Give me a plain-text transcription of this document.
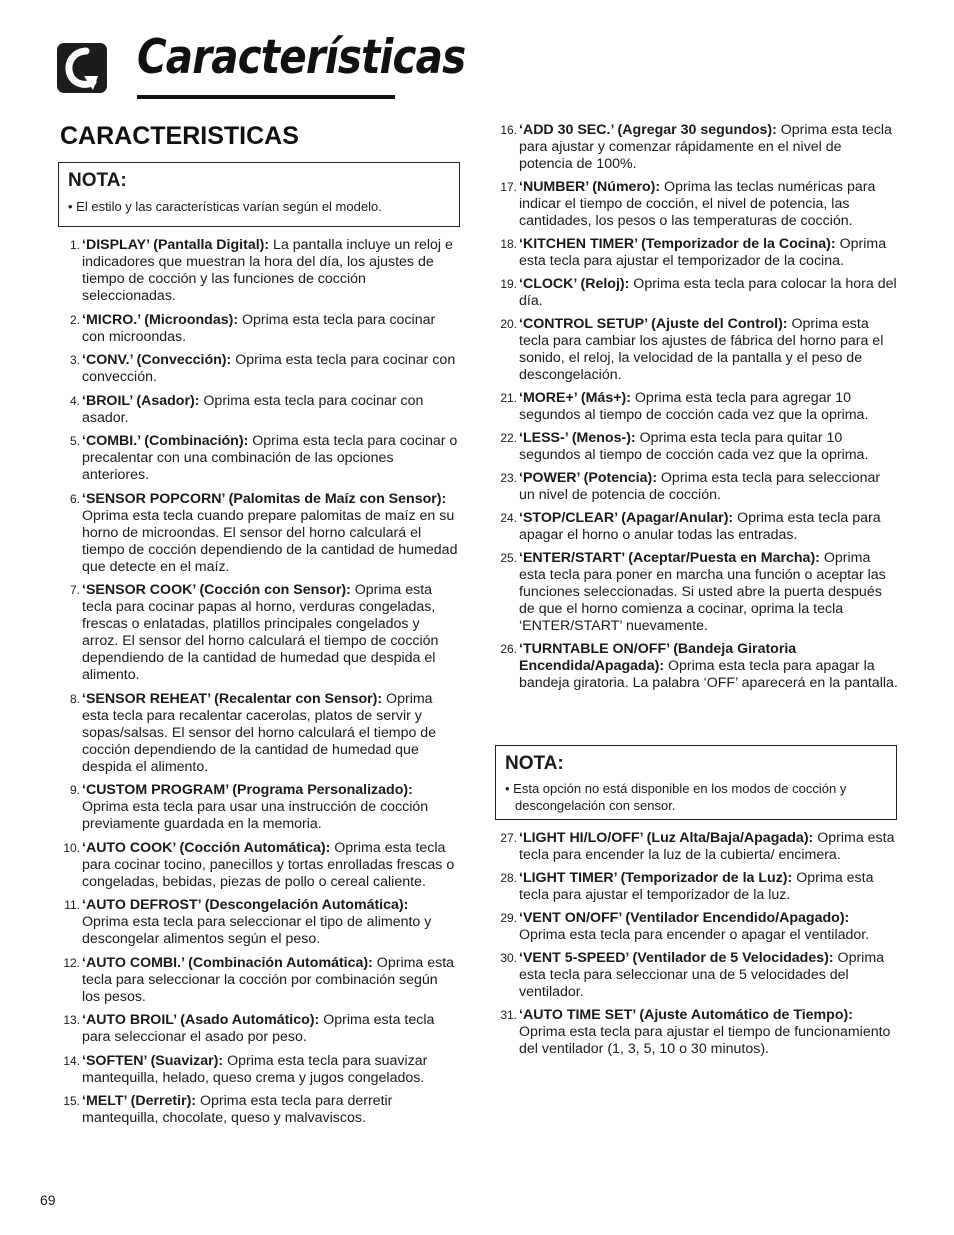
Características
CARACTERISTICAS
NOTA:
• El estilo y las características varían según el modelo.
1. ‘DISPLAY’ (Pantalla Digital): La pantalla incluye un reloj e indicadores que muestran la hora del día, los ajustes de tiempo de cocción y las funciones de cocción seleccionadas.
2. ‘MICRO.’ (Microondas): Oprima esta tecla para cocinar con microondas.
3. ‘CONV.’ (Convección): Oprima esta tecla para cocinar con convección.
4. ‘BROIL’ (Asador): Oprima esta tecla para cocinar con asador.
5. ‘COMBI.’ (Combinación): Oprima esta tecla para cocinar o precalentar con una combinación de las opciones anteriores.
6. ‘SENSOR POPCORN’ (Palomitas de Maíz con Sensor): Oprima esta tecla cuando prepare palomitas de maíz en su horno de microondas. El sensor del horno calculará el tiempo de cocción dependiendo de la cantidad de humedad que detecte en el maíz.
7. ‘SENSOR COOK’ (Cocción con Sensor): Oprima esta tecla para cocinar papas al horno, verduras congeladas, frescas o enlatadas, platillos principales congelados y arroz. El sensor del horno calculará el tiempo de cocción dependiendo de la cantidad de humedad que despida el alimento.
8. ‘SENSOR REHEAT’ (Recalentar con Sensor): Oprima esta tecla para recalentar cacerolas, platos de servir y sopas/salsas. El sensor del horno calculará el tiempo de cocción dependiendo de la cantidad de humedad que despida el alimento.
9. ‘CUSTOM PROGRAM’ (Programa Personalizado): Oprima esta tecla para usar una instrucción de cocción previamente guardada en la memoria.
10. ‘AUTO COOK’ (Cocción Automática): Oprima esta tecla para cocinar tocino, panecillos y tortas enrolladas frescas o congeladas, bebidas, piezas de pollo o cereal caliente.
11. ‘AUTO DEFROST’ (Descongelación Automática): Oprima esta tecla para seleccionar el tipo de alimento y descongelar alimentos según el peso.
12. ‘AUTO COMBI.’ (Combinación Automática): Oprima esta tecla para seleccionar la cocción por combinación según los pesos.
13. ‘AUTO BROIL’ (Asado Automático): Oprima esta tecla para seleccionar el asado por peso.
14. ‘SOFTEN’ (Suavizar): Oprima esta tecla para suavizar mantequilla, helado, queso crema y jugos congelados.
15. ‘MELT’ (Derretir): Oprima esta tecla para derretir mantequilla, chocolate, queso y malvaviscos.
16. ‘ADD 30 SEC.’ (Agregar 30 segundos): Oprima esta tecla para ajustar y comenzar rápidamente en el nivel de potencia de 100%.
17. ‘NUMBER’ (Número): Oprima las teclas numéricas para indicar el tiempo de cocción, el nivel de potencia, las cantidades, los pesos o las temperaturas de cocción.
18. ‘KITCHEN TIMER’ (Temporizador de la Cocina): Oprima esta tecla para ajustar el temporizador de la cocina.
19. ‘CLOCK’ (Reloj): Oprima esta tecla para colocar la hora del día.
20. ‘CONTROL SETUP’ (Ajuste del Control): Oprima esta tecla para cambiar los ajustes de fábrica del horno para el sonido, el reloj, la velocidad de la pantalla y el peso de descongelación.
21. ‘MORE+’ (Más+): Oprima esta tecla para agregar 10 segundos al tiempo de cocción cada vez que la oprima.
22. ‘LESS-’ (Menos-): Oprima esta tecla para quitar 10 segundos al tiempo de cocción cada vez que la oprima.
23. ‘POWER’ (Potencia): Oprima esta tecla para seleccionar un nivel de potencia de cocción.
24. ‘STOP/CLEAR’ (Apagar/Anular): Oprima esta tecla para apagar el horno o anular todas las entradas.
25. ‘ENTER/START’ (Aceptar/Puesta en Marcha): Oprima esta tecla para poner en marcha una función o aceptar las funciones seleccionadas. Si usted abre la puerta después de que el horno comienza a cocinar, oprima la tecla ‘ENTER/START’ nuevamente.
26. ‘TURNTABLE ON/OFF’ (Bandeja Giratoria Encendida/Apagada): Oprima esta tecla para apagar la bandeja giratoria. La palabra ‘OFF’ aparecerá en la pantalla.
NOTA:
• Esta opción no está disponible en los modos de cocción y descongelación con sensor.
27. ‘LIGHT HI/LO/OFF’ (Luz Alta/Baja/Apagada): Oprima esta tecla para encender la luz de la cubierta/ encimera.
28. ‘LIGHT TIMER’ (Temporizador de la Luz): Oprima esta tecla para ajustar el temporizador de la luz.
29. ‘VENT ON/OFF’ (Ventilador Encendido/Apagado): Oprima esta tecla para encender o apagar el ventilador.
30. ‘VENT 5-SPEED’ (Ventilador de 5 Velocidades): Oprima esta tecla para seleccionar una de 5 velocidades del ventilador.
31. ‘AUTO TIME SET’ (Ajuste Automático de Tiempo): Oprima esta tecla para ajustar el tiempo de funcionamiento del ventilador (1, 3, 5, 10 o 30 minutos).
69
